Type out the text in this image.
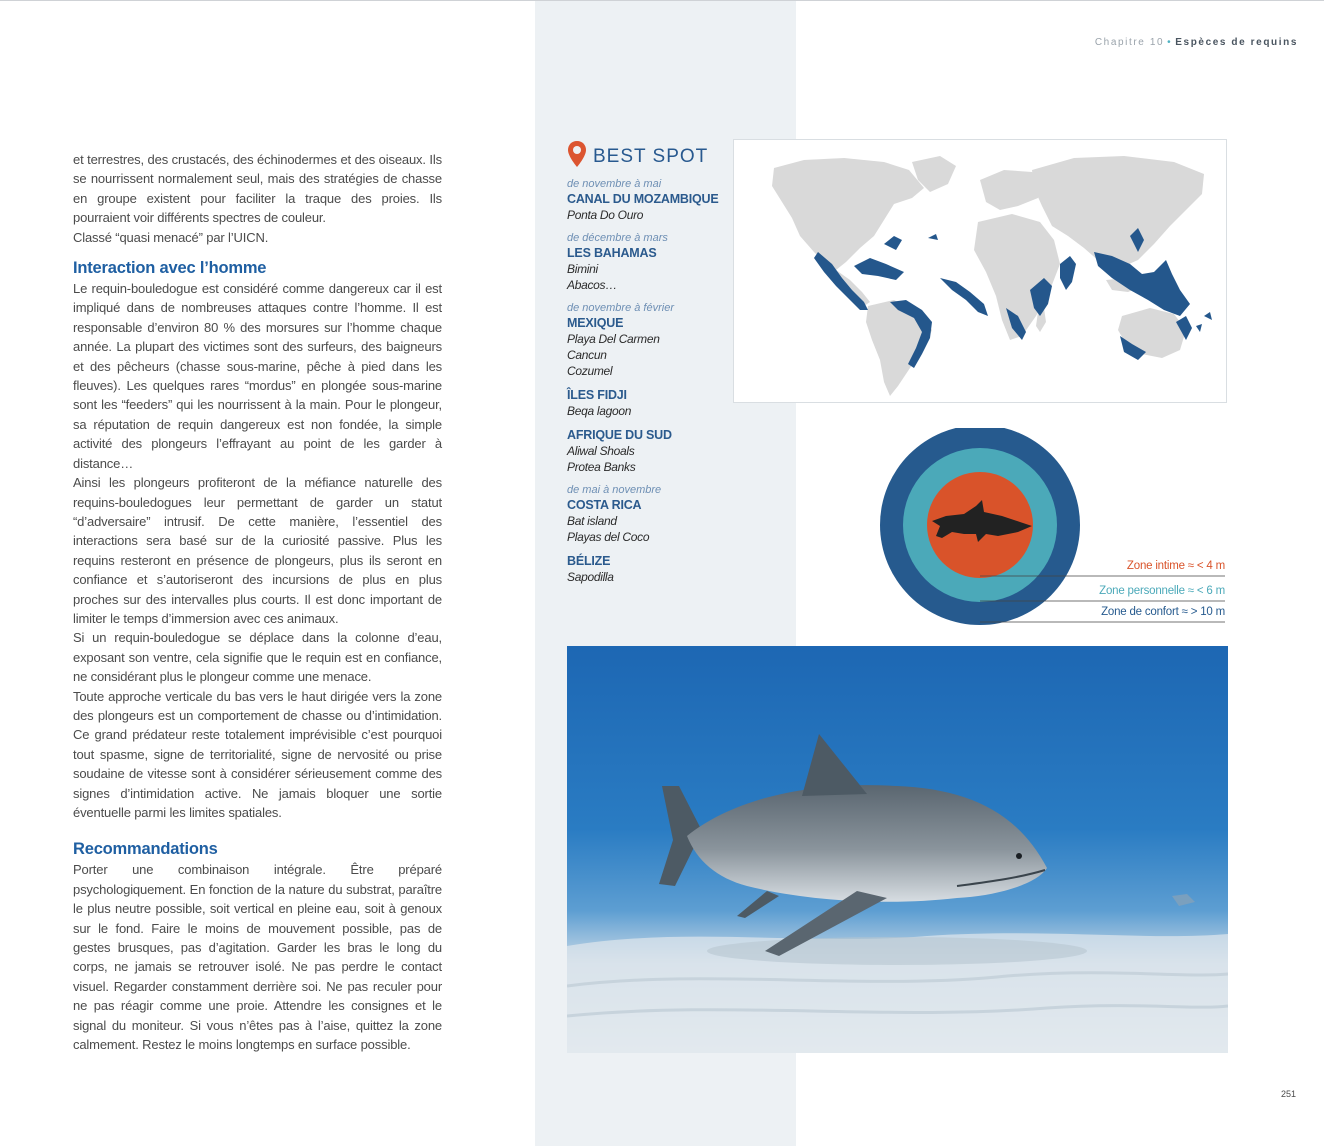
Chapitre 10 • Espèces de requins

et terrestres, des crustacés, des échinodermes et des oiseaux. Ils se nourrissent normalement seul, mais des stratégies de chasse en groupe existent pour faciliter la traque des proies. Ils pourraient voir différents spectres de couleur.

Classé “quasi menacé” par l’UICN.

Interaction avec l’homme

Le requin-bouledogue est considéré comme dangereux car il est impliqué dans de nombreuses attaques contre l’homme. Il est responsable d’environ 80 % des morsures sur l’homme chaque année. La plupart des victimes sont des surfeurs, des baigneurs et des pêcheurs (chasse sous-marine, pêche à pied dans les fleuves). Les quelques rares “mordus” en plongée sous-marine sont les “feeders” qui les nourrissent à la main. Pour le plongeur, sa réputation de requin dangereux est non fondée, la simple activité des plongeurs l’effrayant au point de les garder à distance…

Ainsi les plongeurs profiteront de la méfiance naturelle des requins-bouledogues leur permettant de garder un statut “d’adversaire” intrusif. De cette manière, l’essentiel des interactions sera basé sur de la curiosité passive. Plus les requins resteront en présence de plongeurs, plus ils seront en confiance et s’autoriseront des incursions de plus en plus proches sur des intervalles plus courts. Il est donc important de limiter le temps d’immersion avec ces animaux.

Si un requin-bouledogue se déplace dans la colonne d’eau, exposant son ventre, cela signifie que le requin est en confiance, ne considérant plus le plongeur comme une menace.

Toute approche verticale du bas vers le haut dirigée vers la zone des plongeurs est un comportement de chasse ou d’intimidation. Ce grand prédateur reste totalement imprévisible c’est pourquoi tout spasme, signe de territorialité, signe de nervosité ou prise soudaine de vitesse sont à considérer sérieusement comme des signes d’intimidation active. Ne jamais bloquer une sortie éventuelle parmi les limites spatiales.

Recommandations

Porter une combinaison intégrale. Être préparé psychologiquement. En fonction de la nature du substrat, paraître le plus neutre possible, soit vertical en pleine eau, soit à genoux sur le fond. Faire le moins de mouvement possible, pas de gestes brusques, pas d’agitation. Garder les bras le long du corps, ne jamais se retrouver isolé. Ne pas perdre le contact visuel. Regarder constamment derrière soi. Ne pas reculer pour ne pas réagir comme une proie. Attendre les consignes et le signal du moniteur. Si vous n’êtes pas à l’aise, quittez la zone calmement. Restez le moins longtemps en surface possible.

BEST SPOT
de novembre à mai
CANAL DU MOZAMBIQUE
Ponta Do Ouro
de décembre à mars
LES BAHAMAS
Bimini
Abacos…
de novembre à février
MEXIQUE
Playa Del Carmen
Cancun
Cozumel
ÎLES FIDJI
Beqa lagoon
AFRIQUE DU SUD
Aliwal Shoals
Protea Banks
de mai à novembre
COSTA RICA
Bat island
Playas del Coco
BÉLIZE
Sapodilla
Zone intime ≈ < 4 m
Zone personnelle ≈ < 6 m
Zone de confort ≈ > 10 m
251
